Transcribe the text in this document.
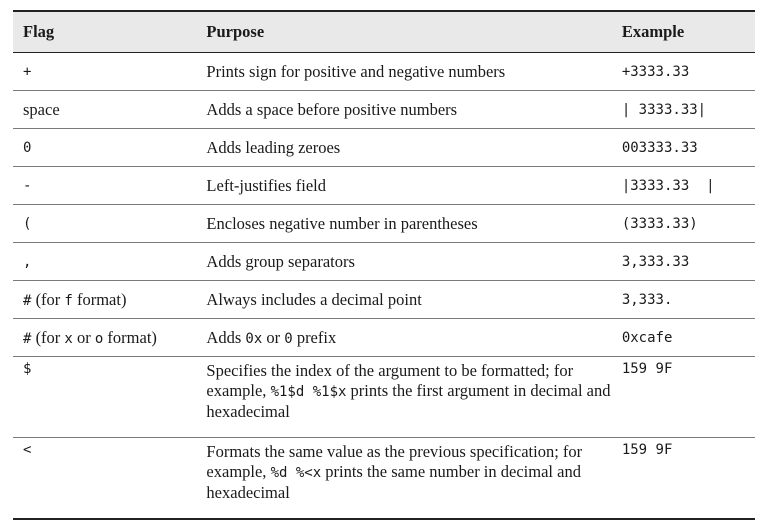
Flag	Purpose	Example
+	Prints sign for positive and negative numbers	+3333.33
space	Adds a space before positive numbers	| 3333.33|
0	Adds leading zeroes	003333.33
-	Left-justifies field	|3333.33  |
(	Encloses negative number in parentheses	(3333.33)
,	Adds group separators	3,333.33
# (for f format)	Always includes a decimal point	3,333.
# (for x or o format)	Adds 0x or 0 prefix	0xcafe
$	Specifies the index of the argument to be formatted; for example, %1$d %1$x prints the first argument in decimal and hexadecimal	159 9F
<	Formats the same value as the previous specification; for example, %d %<x prints the same number in decimal and hexadecimal	159 9F
